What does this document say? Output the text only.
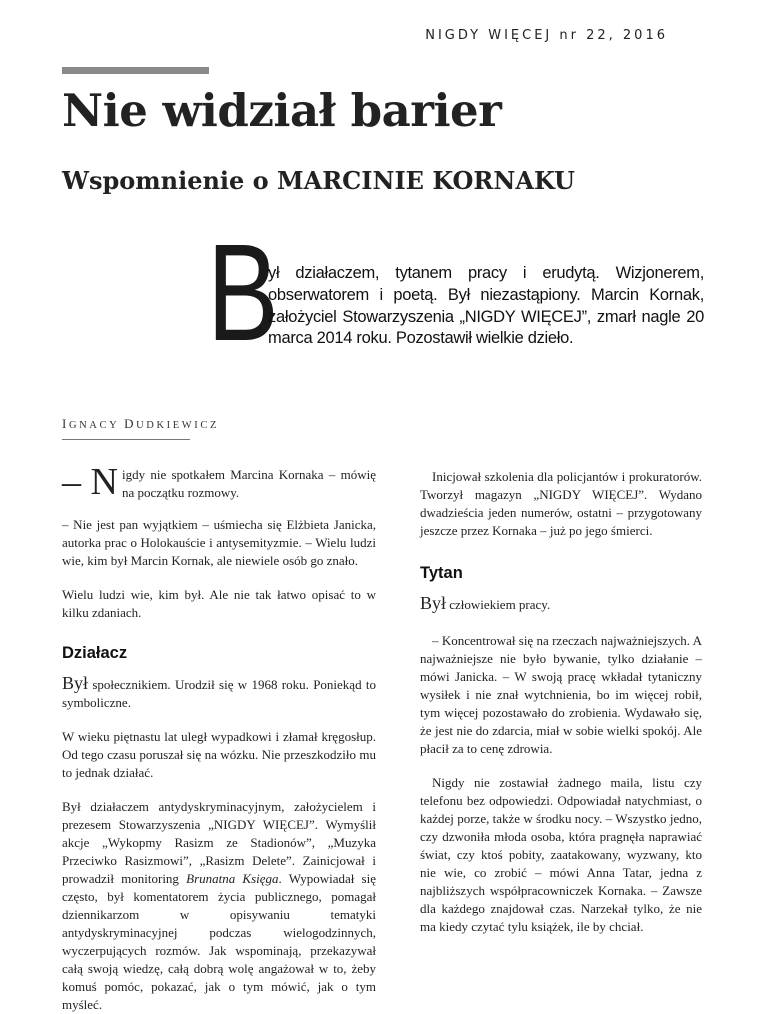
NIGDY WIĘCEJ nr 22, 2016
Nie widział barier
Wspomnienie o MARCINIE KORNAKU
B
ył działaczem, tytanem pracy i erudytą. Wizjonerem, obserwatorem i poetą. Był niezastąpiony. Marcin Kornak, założyciel Stowarzyszenia „NIGDY WIĘCEJ”, zmarł nagle 20 marca 2014 roku. Pozostawił wielkie dzieło.
IGNACY DUDKIEWICZ

– N igdy nie spotkałem Marcina Kornaka – mówię na początku rozmowy.

– Nie jest pan wyjątkiem – uśmiecha się Elżbieta Janicka, autorka prac o Holokauście i antysemityzmie. – Wielu ludzi wie, kim był Marcin Kornak, ale niewiele osób go znało.

Wielu ludzi wie, kim był. Ale nie tak łatwo opisać to w kilku zdaniach.

Działacz

Był społecznikiem. Urodził się w 1968 roku. Poniekąd to symboliczne.

W wieku piętnastu lat uległ wypadkowi i złamał kręgosłup. Od tego czasu poruszał się na wózku. Nie przeszkodziło mu to jednak działać.

Był działaczem antydyskryminacyjnym, założycielem i prezesem Stowarzyszenia „NIGDY WIĘCEJ”. Wymyślił akcje „Wykopmy Rasizm ze Stadionów”, „Muzyka Przeciwko Rasizmowi”, „Rasizm Delete”. Zainicjował i prowadził monitoring Brunatna Księga. Wypowiadał się często, był komentatorem życia publicznego, pomagał dziennikarzom w opisywaniu tematyki antydyskryminacyjnej podczas wielogodzinnych, wyczerpujących rozmów. Jak wspominają, przekazywał całą swoją wiedzę, całą dobrą wolę angażował w to, żeby komuś pomóc, pokazać, jak o tym mówić, jak o tym myśleć.

Inicjował szkolenia dla policjantów i prokuratorów. Tworzył magazyn „NIGDY WIĘCEJ”. Wydano dwadzieścia jeden numerów, ostatni – przygotowany jeszcze przez Kornaka – już po jego śmierci.

Tytan

Był człowiekiem pracy.

– Koncentrował się na rzeczach najważniejszych. A najważniejsze nie było bywanie, tylko działanie – mówi Janicka. – W swoją pracę wkładał tytaniczny wysiłek i nie znał wytchnienia, bo im więcej robił, tym więcej pozostawało do zrobienia. Wydawało się, że jest nie do zdarcia, miał w sobie wielki spokój. Ale płacił za to cenę zdrowia.

Nigdy nie zostawiał żadnego maila, listu czy telefonu bez odpowiedzi. Odpowiadał natychmiast, o każdej porze, także w środku nocy. – Wszystko jedno, czy dzwoniła młoda osoba, która pragnęła naprawiać świat, czy ktoś pobity, zaatakowany, wyzwany, kto nie wie, co zrobić – mówi Anna Tatar, jedna z najbliższych współpracowniczek Kornaka. – Zawsze dla każdego znajdował czas. Narzekał tylko, że nie ma kiedy czytać tylu książek, ile by chciał.
